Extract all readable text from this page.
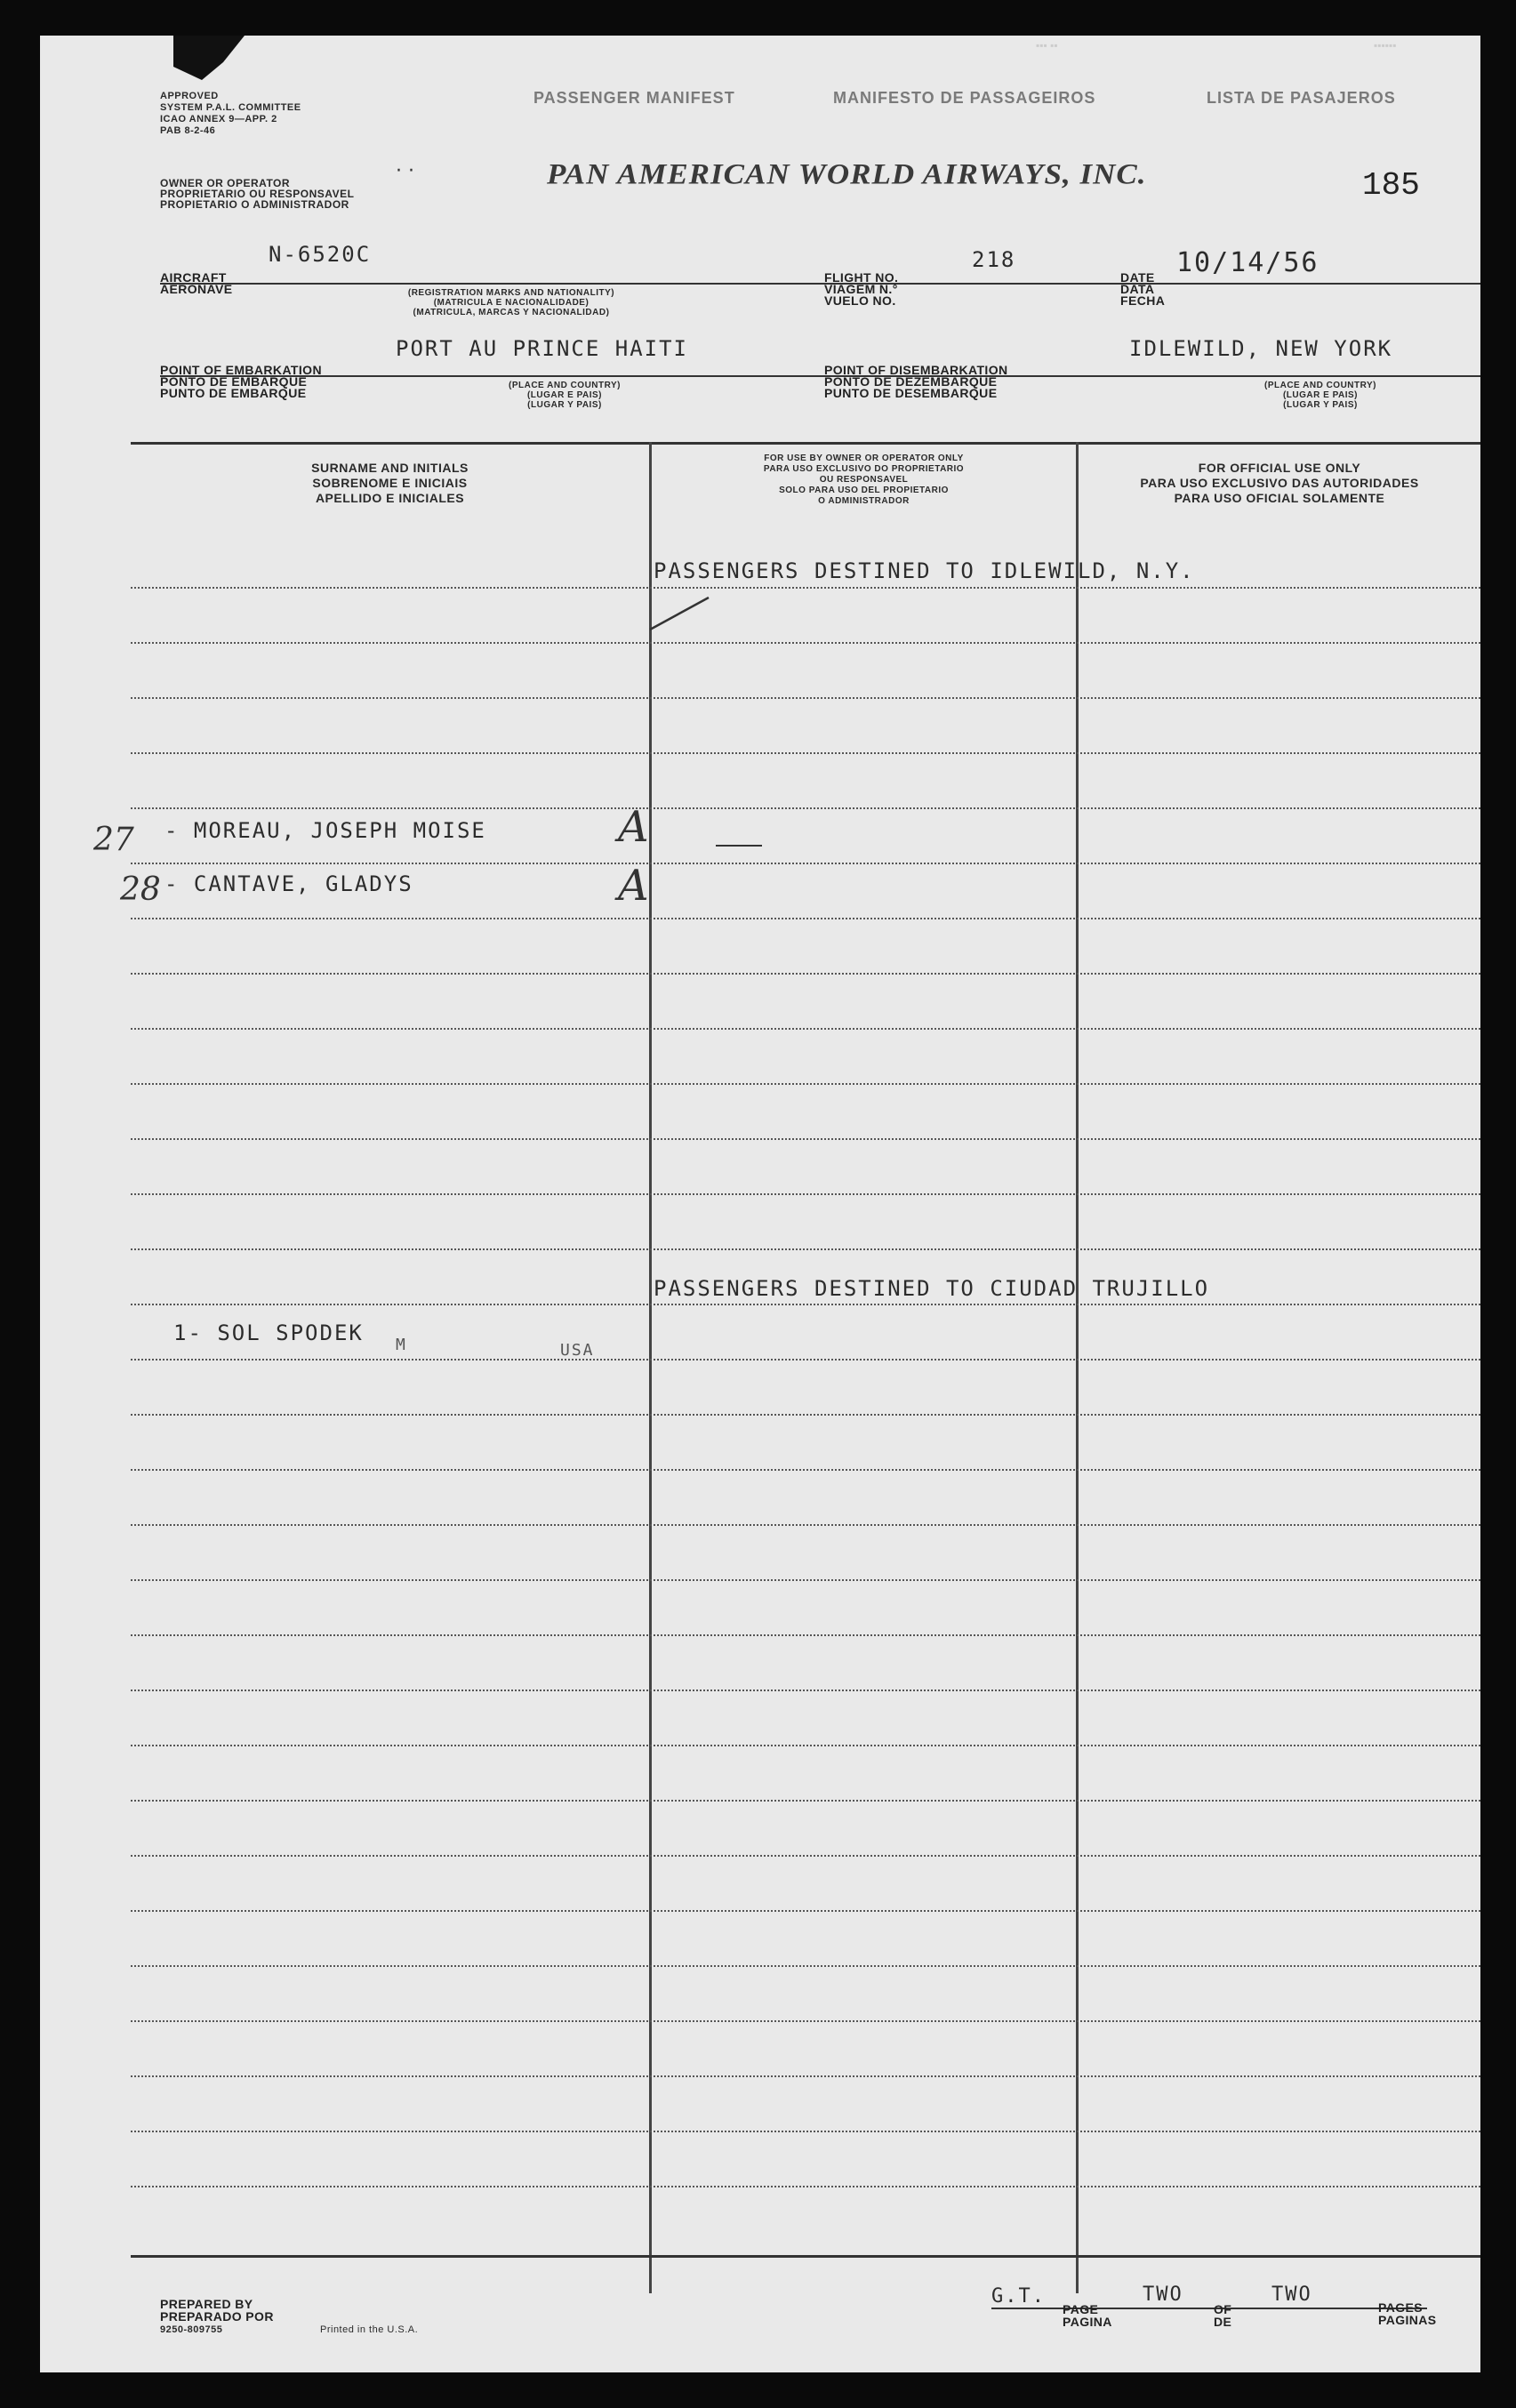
▪▪▪ ▪▪	▪▪▪▪▪▪
APPROVED
SYSTEM P.A.L. COMMITTEE
ICAO ANNEX 9—APP. 2
PAB 8-2-46
PASSENGER MANIFEST	MANIFESTO DE PASSAGEIROS	LISTA DE PASAJEROS
OWNER OR OPERATOR
PROPRIETARIO OU RESPONSAVEL
PROPIETARIO O ADMINISTRADOR
· ·	PAN AMERICAN WORLD AIRWAYS, INC.	185
N-6520C
AIRCRAFT
AERONAVE	(REGISTRATION MARKS AND NATIONALITY)
(MATRICULA E NACIONALIDADE)
(MATRICULA, MARCAS Y NACIONALIDAD)
218
FLIGHT NO.
VIAGEM N.°
VUELO NO.
10/14/56
DATE
DATA
FECHA
PORT AU PRINCE HAITI
POINT OF EMBARKATION
PONTO DE EMBARQUE
PUNTO DE EMBARQUE
(PLACE AND COUNTRY)
(LUGAR E PAIS)
(LUGAR Y PAIS)
IDLEWILD, NEW YORK
POINT OF DISEMBARKATION
PONTO DE DEZEMBARQUE
PUNTO DE DESEMBARQUE
(PLACE AND COUNTRY)
(LUGAR E PAIS)
(LUGAR Y PAIS)
SURNAME AND INITIALS
SOBRENOME E INICIAIS
APELLIDO E INICIALES
FOR USE BY OWNER OR OPERATOR ONLY
PARA USO EXCLUSIVO DO PROPRIETARIO
OU RESPONSAVEL
SOLO PARA USO DEL PROPIETARIO
O ADMINISTRADOR
FOR OFFICIAL USE ONLY
PARA USO EXCLUSIVO DAS AUTORIDADES
PARA USO OFICIAL SOLAMENTE
PASSENGERS DESTINED TO IDLEWILD, N.Y.
27 - MOREAU, JOSEPH MOISE	A
28 - CANTAVE, GLADYS	A
PASSENGERS DESTINED TO CIUDAD TRUJILLO
1- SOL SPODEK M	USA
PREPARED BY
PREPARADO POR
9250-809755	Printed in the U.S.A.
G.T.
PAGE
PAGINA
TWO
OF
DE
TWO
PAGES
PAGINAS
